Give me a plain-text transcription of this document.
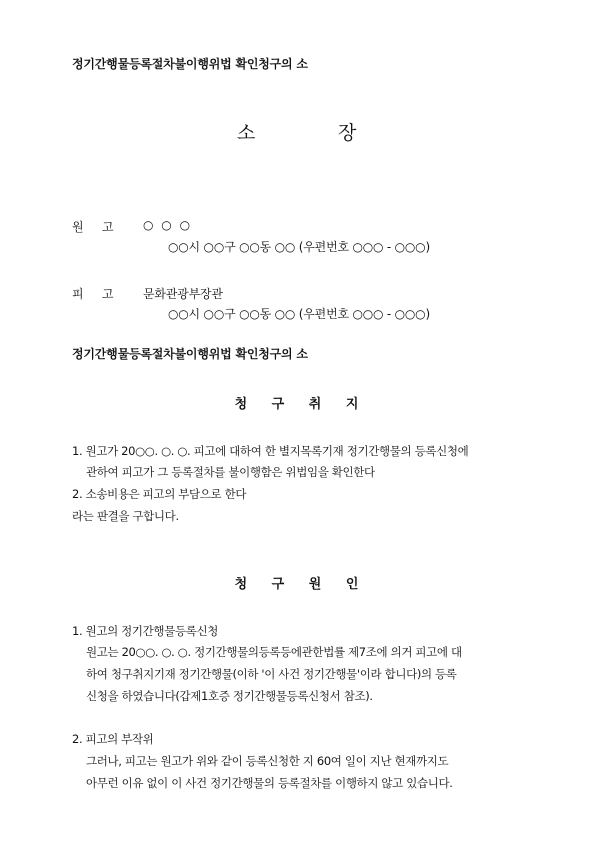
정기간행물등록절차불이행위법 확인청구의 소
소	장
원 고 ○ ○ ○
○○시 ○○구 ○○동 ○○ (우편번호 ○○○ - ○○○)
피 고 문화관광부장관
○○시 ○○구 ○○동 ○○ (우편번호 ○○○ - ○○○)
정기간행물등록절차불이행위법 확인청구의 소
청 구 취 지
1. 원고가 20○○. ○. ○. 피고에 대하여 한 별지목록기재 정기간행물의 등록신청에
관하여 피고가 그 등록절차를 불이행함은 위법임을 확인한다
2. 소송비용은 피고의 부담으로 한다
라는 판결을 구합니다.
청 구 원 인
1. 원고의 정기간행물등록신청
원고는 20○○. ○. ○. 정기간행물의등록등에관한법률 제7조에 의거 피고에 대
하여 청구취지기재 정기간행물(이하 '이 사건 정기간행물'이라 합니다)의 등록
신청을 하였습니다(갑제1호증 정기간행물등록신청서 참조).
2. 피고의 부작위
그러나, 피고는 원고가 위와 같이 등록신청한 지 60여 일이 지난 현재까지도
아무런 이유 없이 이 사건 정기간행물의 등록절차를 이행하지 않고 있습니다.
